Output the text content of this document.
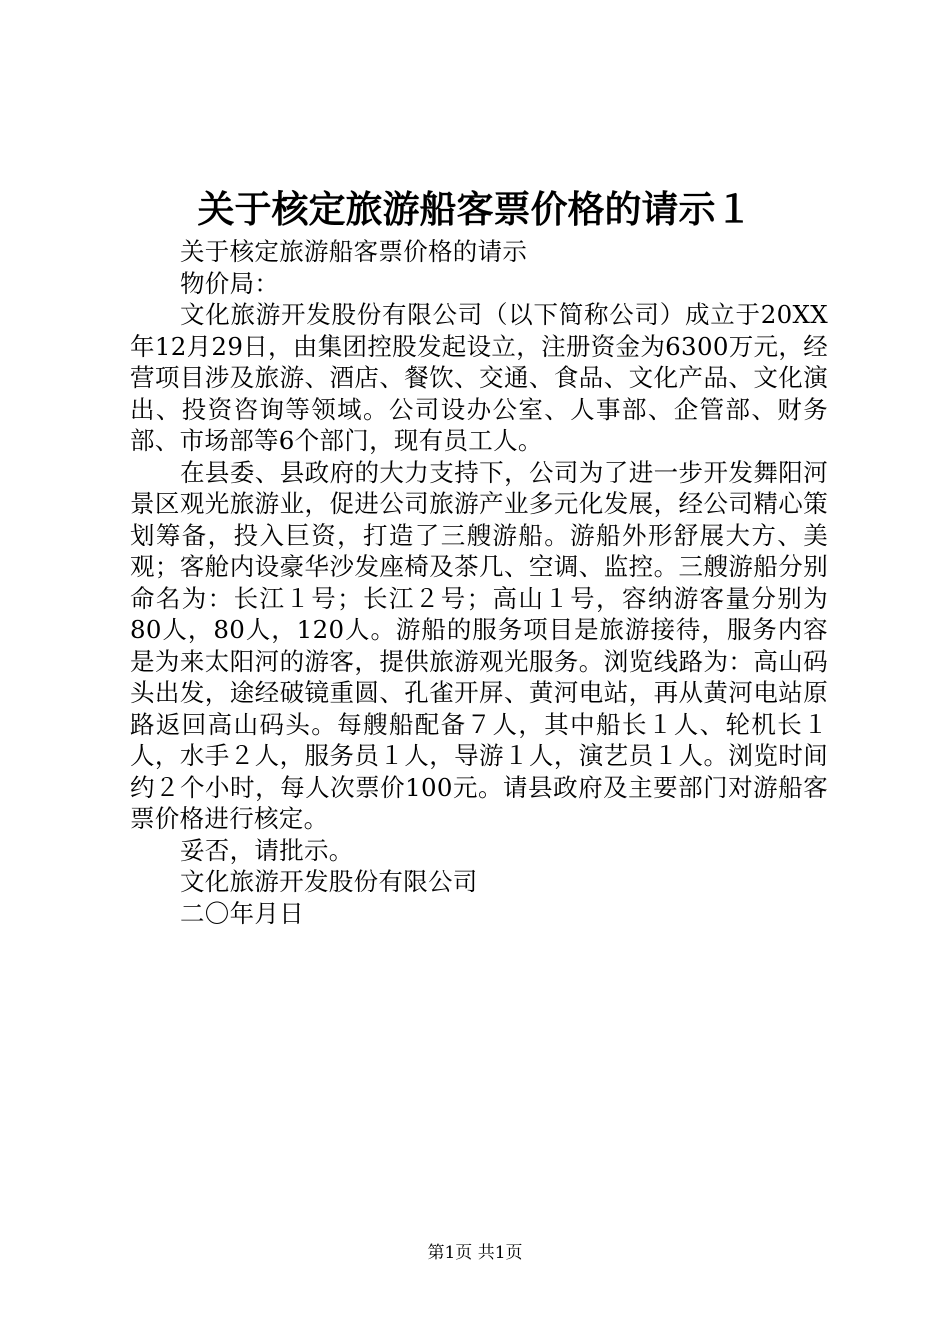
关于核定旅游船客票价格的请示１

关于核定旅游船客票价格的请示

物价局：

文化旅游开发股份有限公司（以下简称公司）成立于20XX年12月29日，由集团控股发起设立，注册资金为6300万元，经营项目涉及旅游、酒店、餐饮、交通、食品、文化产品、文化演出、投资咨询等领域。公司设办公室、人事部、企管部、财务部、市场部等6个部门，现有员工人。

在县委、县政府的大力支持下，公司为了进一步开发舞阳河景区观光旅游业，促进公司旅游产业多元化发展，经公司精心策划筹备，投入巨资，打造了三艘游船。游船外形舒展大方、美观；客舱内设豪华沙发座椅及茶几、空调、监控。三艘游船分别命名为：长江１号；长江２号；高山１号，容纳游客量分别为80人，80人，120人。游船的服务项目是旅游接待，服务内容是为来太阳河的游客，提供旅游观光服务。浏览线路为：高山码头出发，途经破镜重圆、孔雀开屏、黄河电站，再从黄河电站原路返回高山码头。每艘船配备７人，其中船长１人、轮机长１人，水手２人，服务员１人，导游１人，演艺员１人。浏览时间约２个小时，每人次票价100元。请县政府及主要部门对游船客票价格进行核定。

妥否，请批示。

文化旅游开发股份有限公司

二〇年月日

第1页 共1页
